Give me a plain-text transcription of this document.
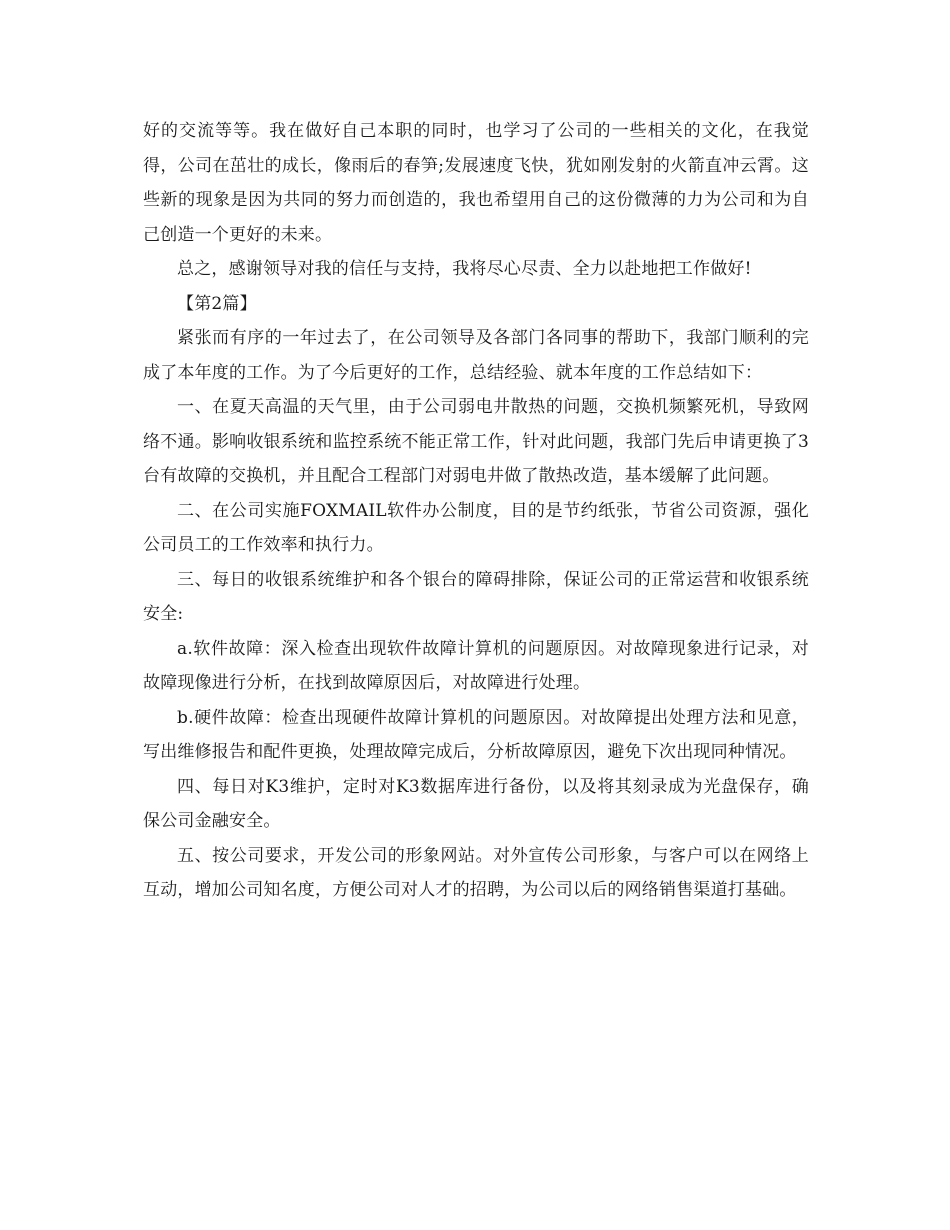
好的交流等等。我在做好自己本职的同时，也学习了公司的一些相关的文化，在我觉得，公司在茁壮的成长，像雨后的春笋;发展速度飞快，犹如刚发射的火箭直冲云霄。这些新的现象是因为共同的努力而创造的，我也希望用自己的这份微薄的力为公司和为自己创造一个更好的未来。

总之，感谢领导对我的信任与支持，我将尽心尽责、全力以赴地把工作做好!

【第2篇】

紧张而有序的一年过去了，在公司领导及各部门各同事的帮助下，我部门顺利的完成了本年度的工作。为了今后更好的工作，总结经验、就本年度的工作总结如下：

一、在夏天高温的天气里，由于公司弱电井散热的问题，交换机频繁死机，导致网络不通。影响收银系统和监控系统不能正常工作，针对此问题，我部门先后申请更换了3台有故障的交换机，并且配合工程部门对弱电井做了散热改造，基本缓解了此问题。

二、在公司实施FOXMAIL软件办公制度，目的是节约纸张，节省公司资源，强化公司员工的工作效率和执行力。

三、每日的收银系统维护和各个银台的障碍排除，保证公司的正常运营和收银系统安全:

a.软件故障：深入检查出现软件故障计算机的问题原因。对故障现象进行记录，对故障现像进行分析，在找到故障原因后，对故障进行处理。

b.硬件故障：检查出现硬件故障计算机的问题原因。对故障提出处理方法和见意，写出维修报告和配件更换，处理故障完成后，分析故障原因，避免下次出现同种情况。

四、每日对K3维护，定时对K3数据库进行备份，以及将其刻录成为光盘保存，确保公司金融安全。

五、按公司要求，开发公司的形象网站。对外宣传公司形象，与客户可以在网络上互动，增加公司知名度，方便公司对人才的招聘，为公司以后的网络销售渠道打基础。
